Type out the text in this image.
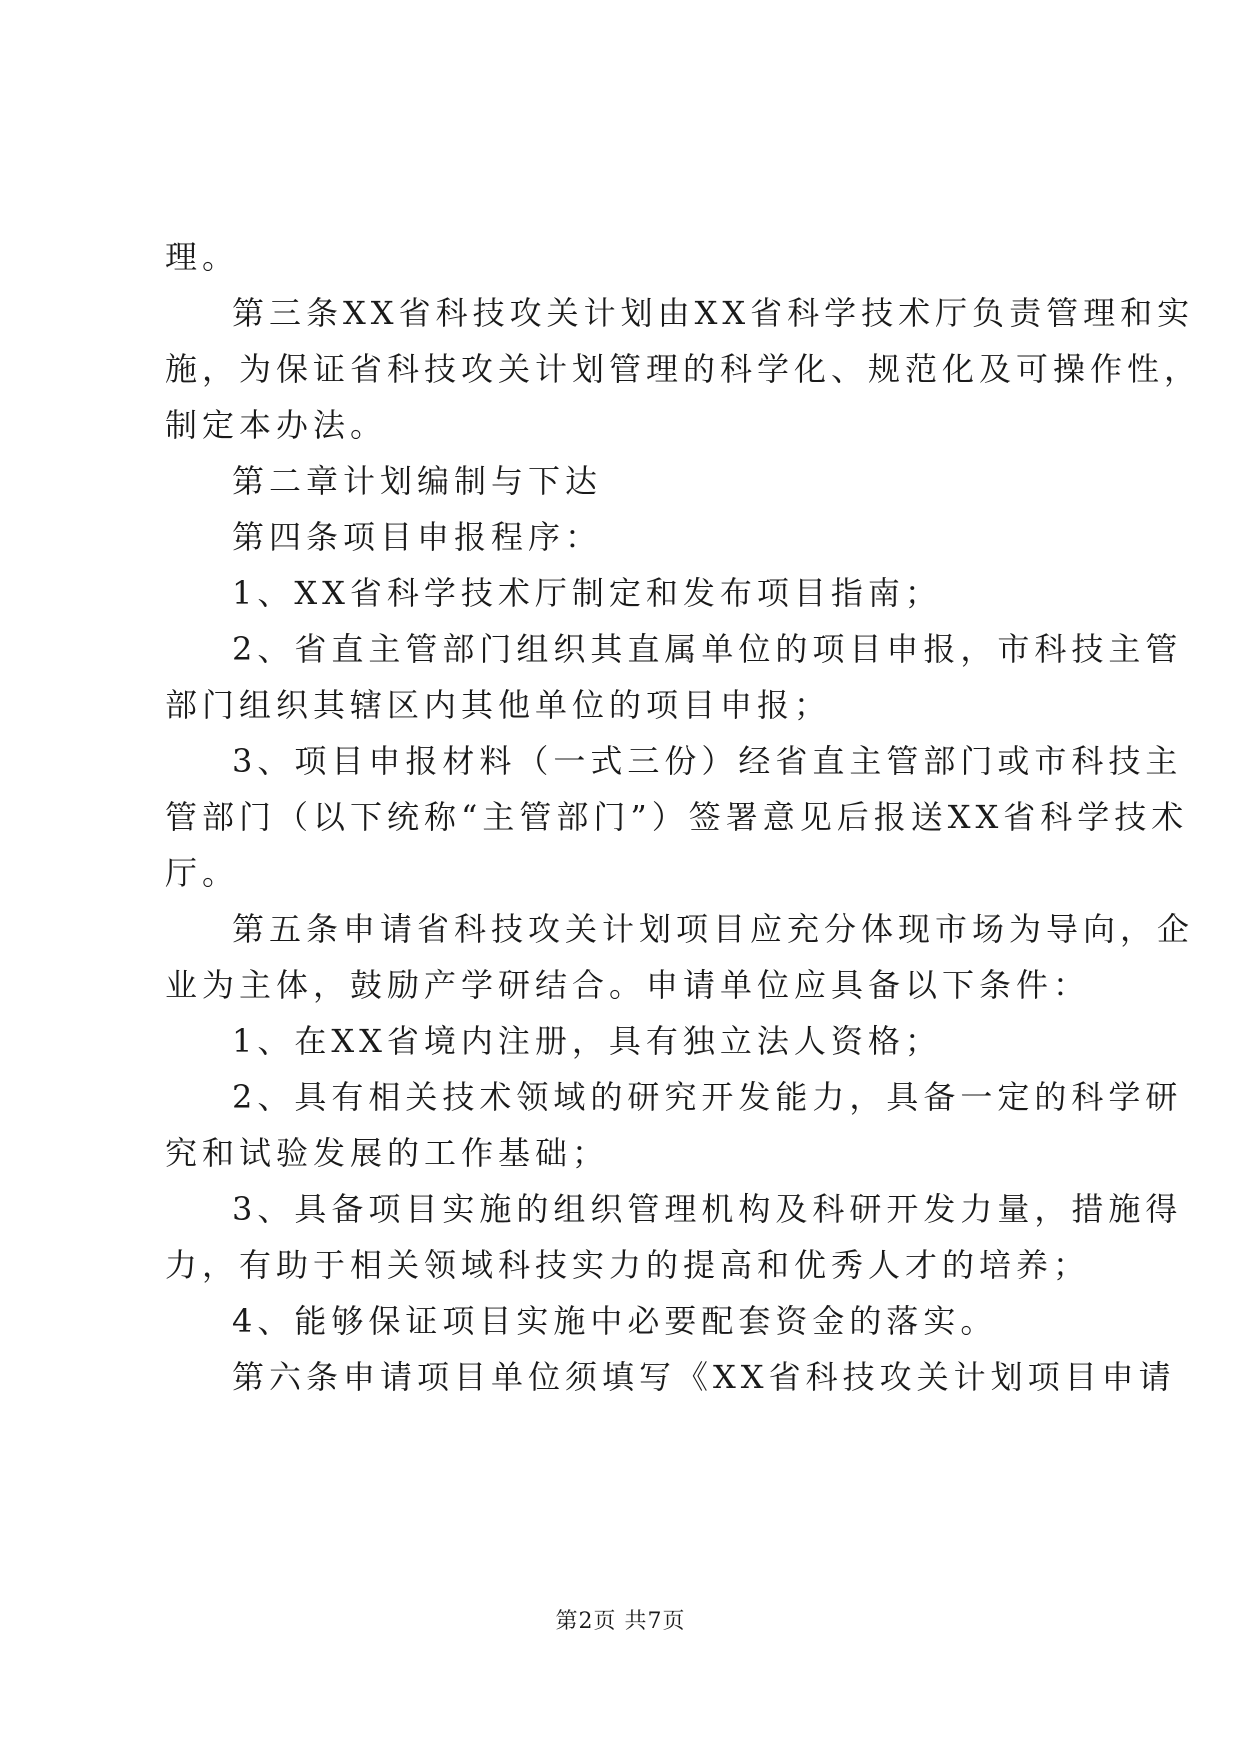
理。
第三条XX省科技攻关计划由XX省科学技术厅负责管理和实
施，为保证省科技攻关计划管理的科学化、规范化及可操作性，
制定本办法。
第二章计划编制与下达
第四条项目申报程序：
1、XX省科学技术厅制定和发布项目指南；
2、省直主管部门组织其直属单位的项目申报，市科技主管
部门组织其辖区内其他单位的项目申报；
3、项目申报材料（一式三份）经省直主管部门或市科技主
管部门（以下统称“主管部门”）签署意见后报送XX省科学技术
厅。
第五条申请省科技攻关计划项目应充分体现市场为导向，企
业为主体，鼓励产学研结合。申请单位应具备以下条件：
1、在XX省境内注册，具有独立法人资格；
2、具有相关技术领域的研究开发能力，具备一定的科学研
究和试验发展的工作基础；
3、具备项目实施的组织管理机构及科研开发力量，措施得
力，有助于相关领域科技实力的提高和优秀人才的培养；
4、能够保证项目实施中必要配套资金的落实。
第六条申请项目单位须填写《XX省科技攻关计划项目申请
第2页 共7页
